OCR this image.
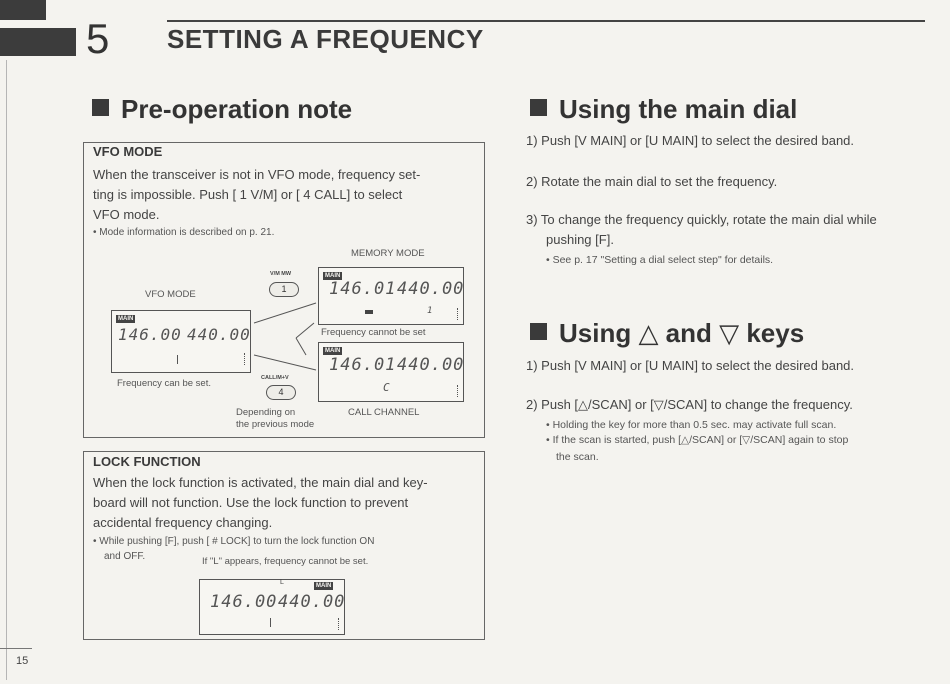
5 SETTING A FREQUENCY
Pre-operation note
VFO MODE
When the transceiver is not in VFO mode, frequency set-
ting is impossible. Push [ 1 V/M] or [ 4 CALL] to select
VFO mode.
• Mode information is described on p. 21.
MEMORY MODE
VFO MODE
V/M MW
1
MAIN
146.00 440.00
Frequency can be set.
MAIN
146.01 440.00
1
Frequency cannot be set
MAIN
146.01 440.00
C
CALL/M+V
4
Depending on
the previous mode
CALL CHANNEL
LOCK FUNCTION
When the lock function is activated, the main dial and key-
board will not function. Use the lock function to prevent
accidental frequency changing.
• While pushing [F], push [ # LOCK] to turn the lock function ON
and OFF.	If "L" appears, frequency cannot be set.
MAIN
L
146.00 440.00
Using the main dial
1) Push [V MAIN] or [U MAIN] to select the desired band.
2) Rotate the main dial to set the frequency.
3) To change the frequency quickly, rotate the main dial while
pushing [F].
• See p. 17 "Setting a dial select step" for details.
Using △ and ▽ keys
1) Push [V MAIN] or [U MAIN] to select the desired band.
2) Push [△/SCAN] or [▽/SCAN] to change the frequency.
• Holding the key for more than 0.5 sec. may activate full scan.
• If the scan is started, push [△/SCAN] or [▽/SCAN] again to stop
the scan.
15
